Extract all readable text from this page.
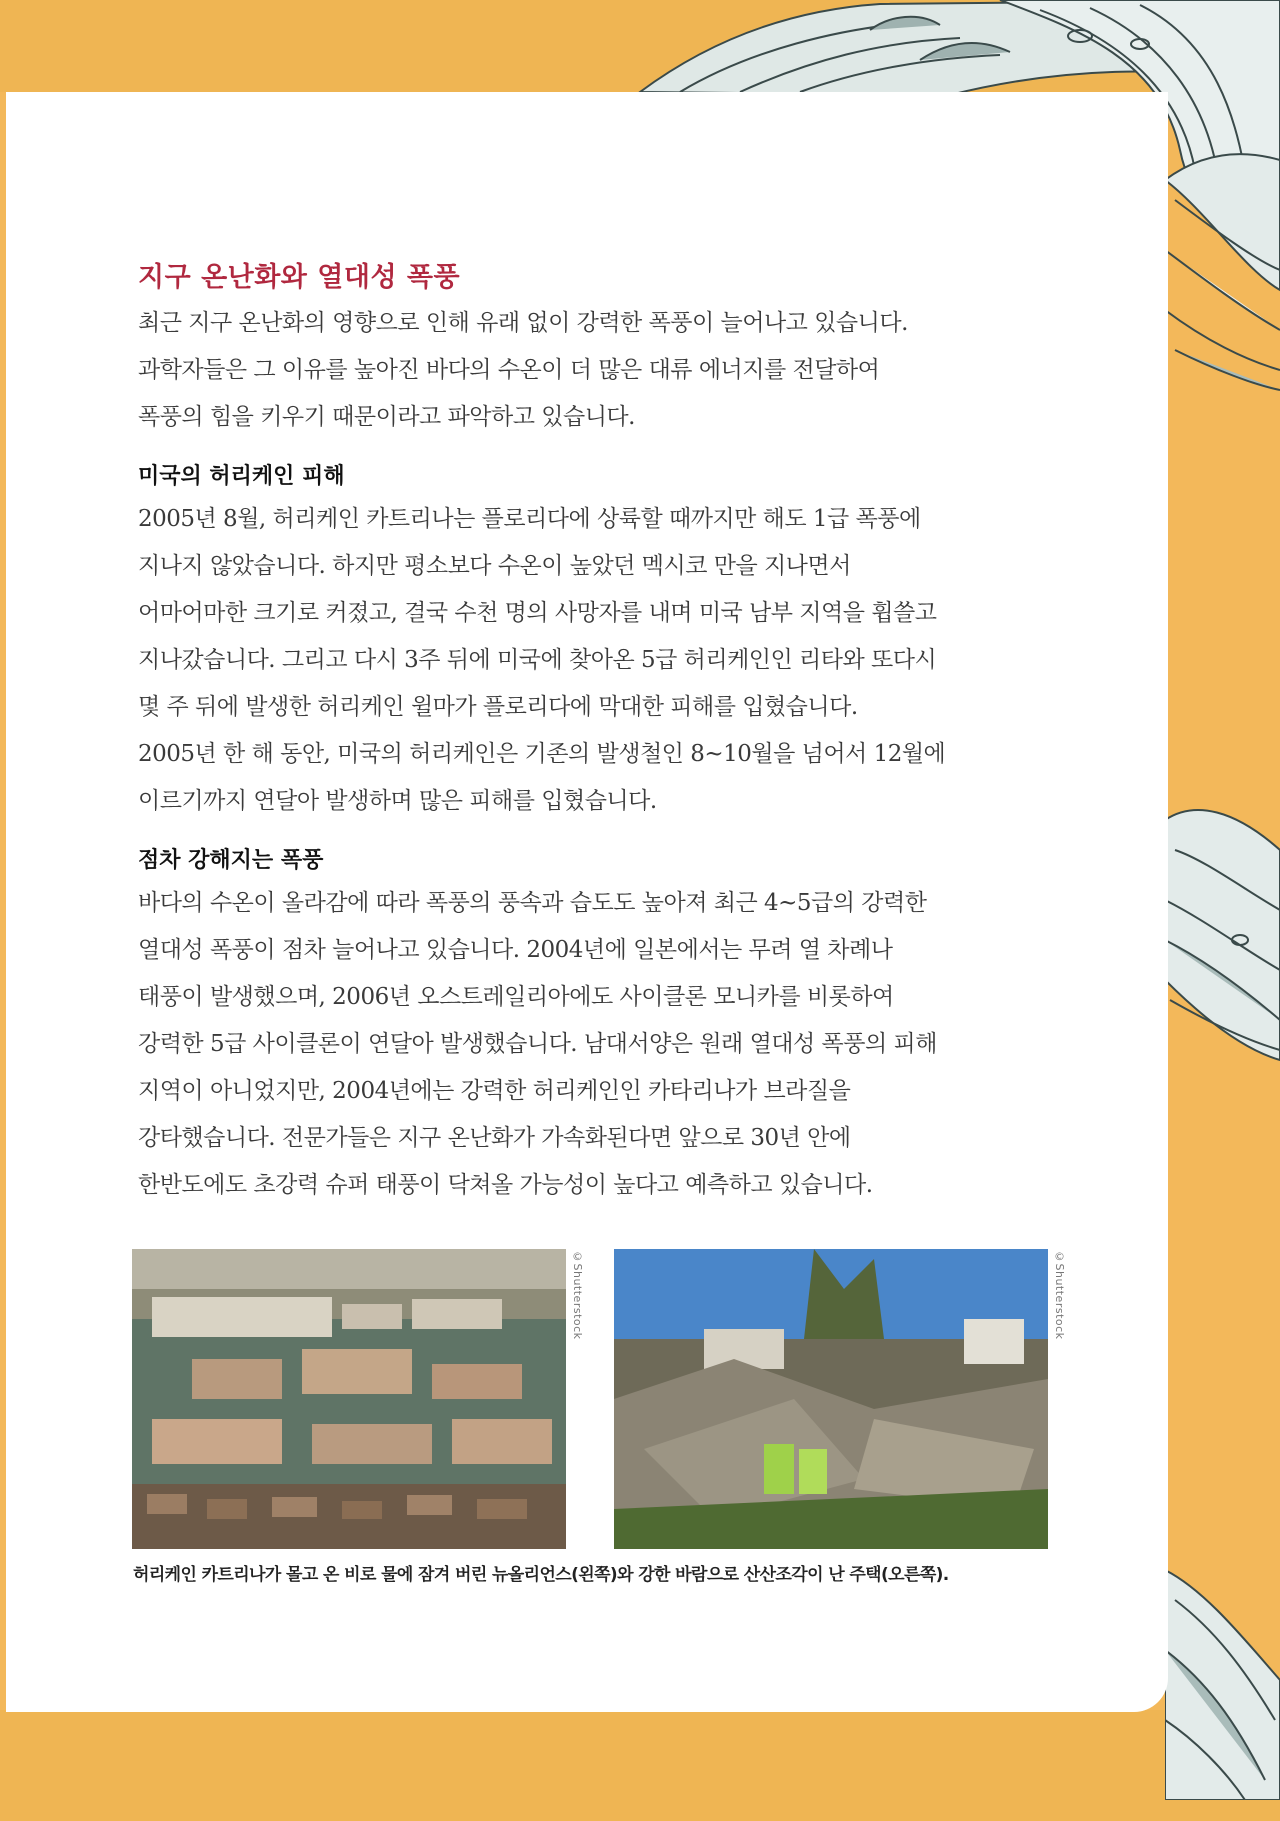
지구 온난화와 열대성 폭풍

최근 지구 온난화의 영향으로 인해 유래 없이 강력한 폭풍이 늘어나고 있습니다.
과학자들은 그 이유를 높아진 바다의 수온이 더 많은 대류 에너지를 전달하여
폭풍의 힘을 키우기 때문이라고 파악하고 있습니다.

미국의 허리케인 피해

2005년 8월, 허리케인 카트리나는 플로리다에 상륙할 때까지만 해도 1급 폭풍에
지나지 않았습니다. 하지만 평소보다 수온이 높았던 멕시코 만을 지나면서
어마어마한 크기로 커졌고, 결국 수천 명의 사망자를 내며 미국 남부 지역을 휩쓸고
지나갔습니다. 그리고 다시 3주 뒤에 미국에 찾아온 5급 허리케인인 리타와 또다시
몇 주 뒤에 발생한 허리케인 윌마가 플로리다에 막대한 피해를 입혔습니다.
2005년 한 해 동안, 미국의 허리케인은 기존의 발생철인 8~10월을 넘어서 12월에
이르기까지 연달아 발생하며 많은 피해를 입혔습니다.

점차 강해지는 폭풍

바다의 수온이 올라감에 따라 폭풍의 풍속과 습도도 높아져 최근 4~5급의 강력한
열대성 폭풍이 점차 늘어나고 있습니다. 2004년에 일본에서는 무려 열 차례나
태풍이 발생했으며, 2006년 오스트레일리아에도 사이클론 모니카를 비롯하여
강력한 5급 사이클론이 연달아 발생했습니다. 남대서양은 원래 열대성 폭풍의 피해
지역이 아니었지만, 2004년에는 강력한 허리케인인 카타리나가 브라질을
강타했습니다. 전문가들은 지구 온난화가 가속화된다면 앞으로 30년 안에
한반도에도 초강력 슈퍼 태풍이 닥쳐올 가능성이 높다고 예측하고 있습니다.

©Shutterstock	©Shutterstock
허리케인 카트리나가 몰고 온 비로 물에 잠겨 버린 뉴올리언스(왼쪽)와 강한 바람으로 산산조각이 난 주택(오른쪽).
